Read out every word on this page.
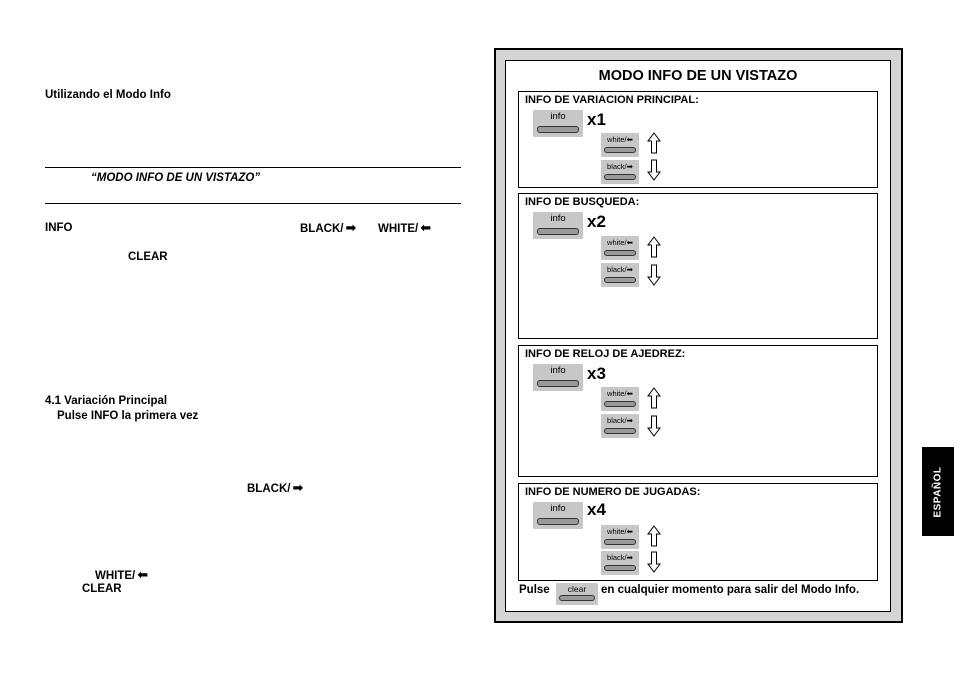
Utilizando el Modo Info
“MODO INFO DE UN VISTAZO”
INFO	BLACK/ ➡ WHITE/ ⬅
CLEAR
4.1 Variación Principal
Pulse INFO la primera vez
BLACK/ ➡
WHITE/ ⬅
CLEAR
MODO INFO DE UN VISTAZO
INFO DE VARIACION PRINCIPAL:
info	x1
white/⬅
black/➡
INFO DE BUSQUEDA:
info	x2
white/⬅
black/➡
INFO DE RELOJ DE AJEDREZ:
info	x3
white/⬅
black/➡
INFO DE NUMERO DE JUGADAS:
info	x4
white/⬅
black/➡
Pulse	clear	en cualquier momento para salir del Modo Info.
ESPAÑOL
